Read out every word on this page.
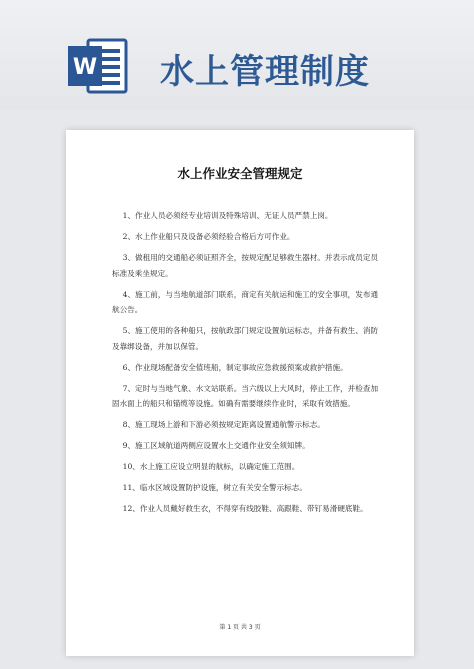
W 水上管理制度
水上作业安全管理规定

1、作业人员必须经专业培训及特殊培训、无证人员严禁上岗。

2、水上作业船只及设备必须经验合格后方可作业。

3、做租用的交通船必须证照齐全，按规定配足够救生器材。并表示成员定员标准及乘坐规定。

4、施工前，与当地航道部门联系，商定有关航运和施工的安全事项，发布通航公告。

5、施工使用的各种船只，按航政部门规定设置航运标志，并备有救生、消防及靠绑设备，并加以保管。

6、作业现场配备安全值班船，制定事故应急救援预案或救护措施。

7、定时与当地气象、水文站联系。当六级以上大风时，停止工作，并检查加固水面上的船只和锚缆等设施。如确有需要继续作业时，采取有效措施。

8、施工现场上游和下游必须按规定距离设置通航警示标志。

9、施工区域航道两侧应设置水上交通作业安全须知牌。

10、水上施工应设立明显的航标，以确定施工范围。

11、临水区域设置防护设施，树立有关安全警示标志。

12、作业人员戴好救生衣，不得穿有线胶鞋、高跟鞋、带钉易滑硬底鞋。

第 1 页 共 3 页
